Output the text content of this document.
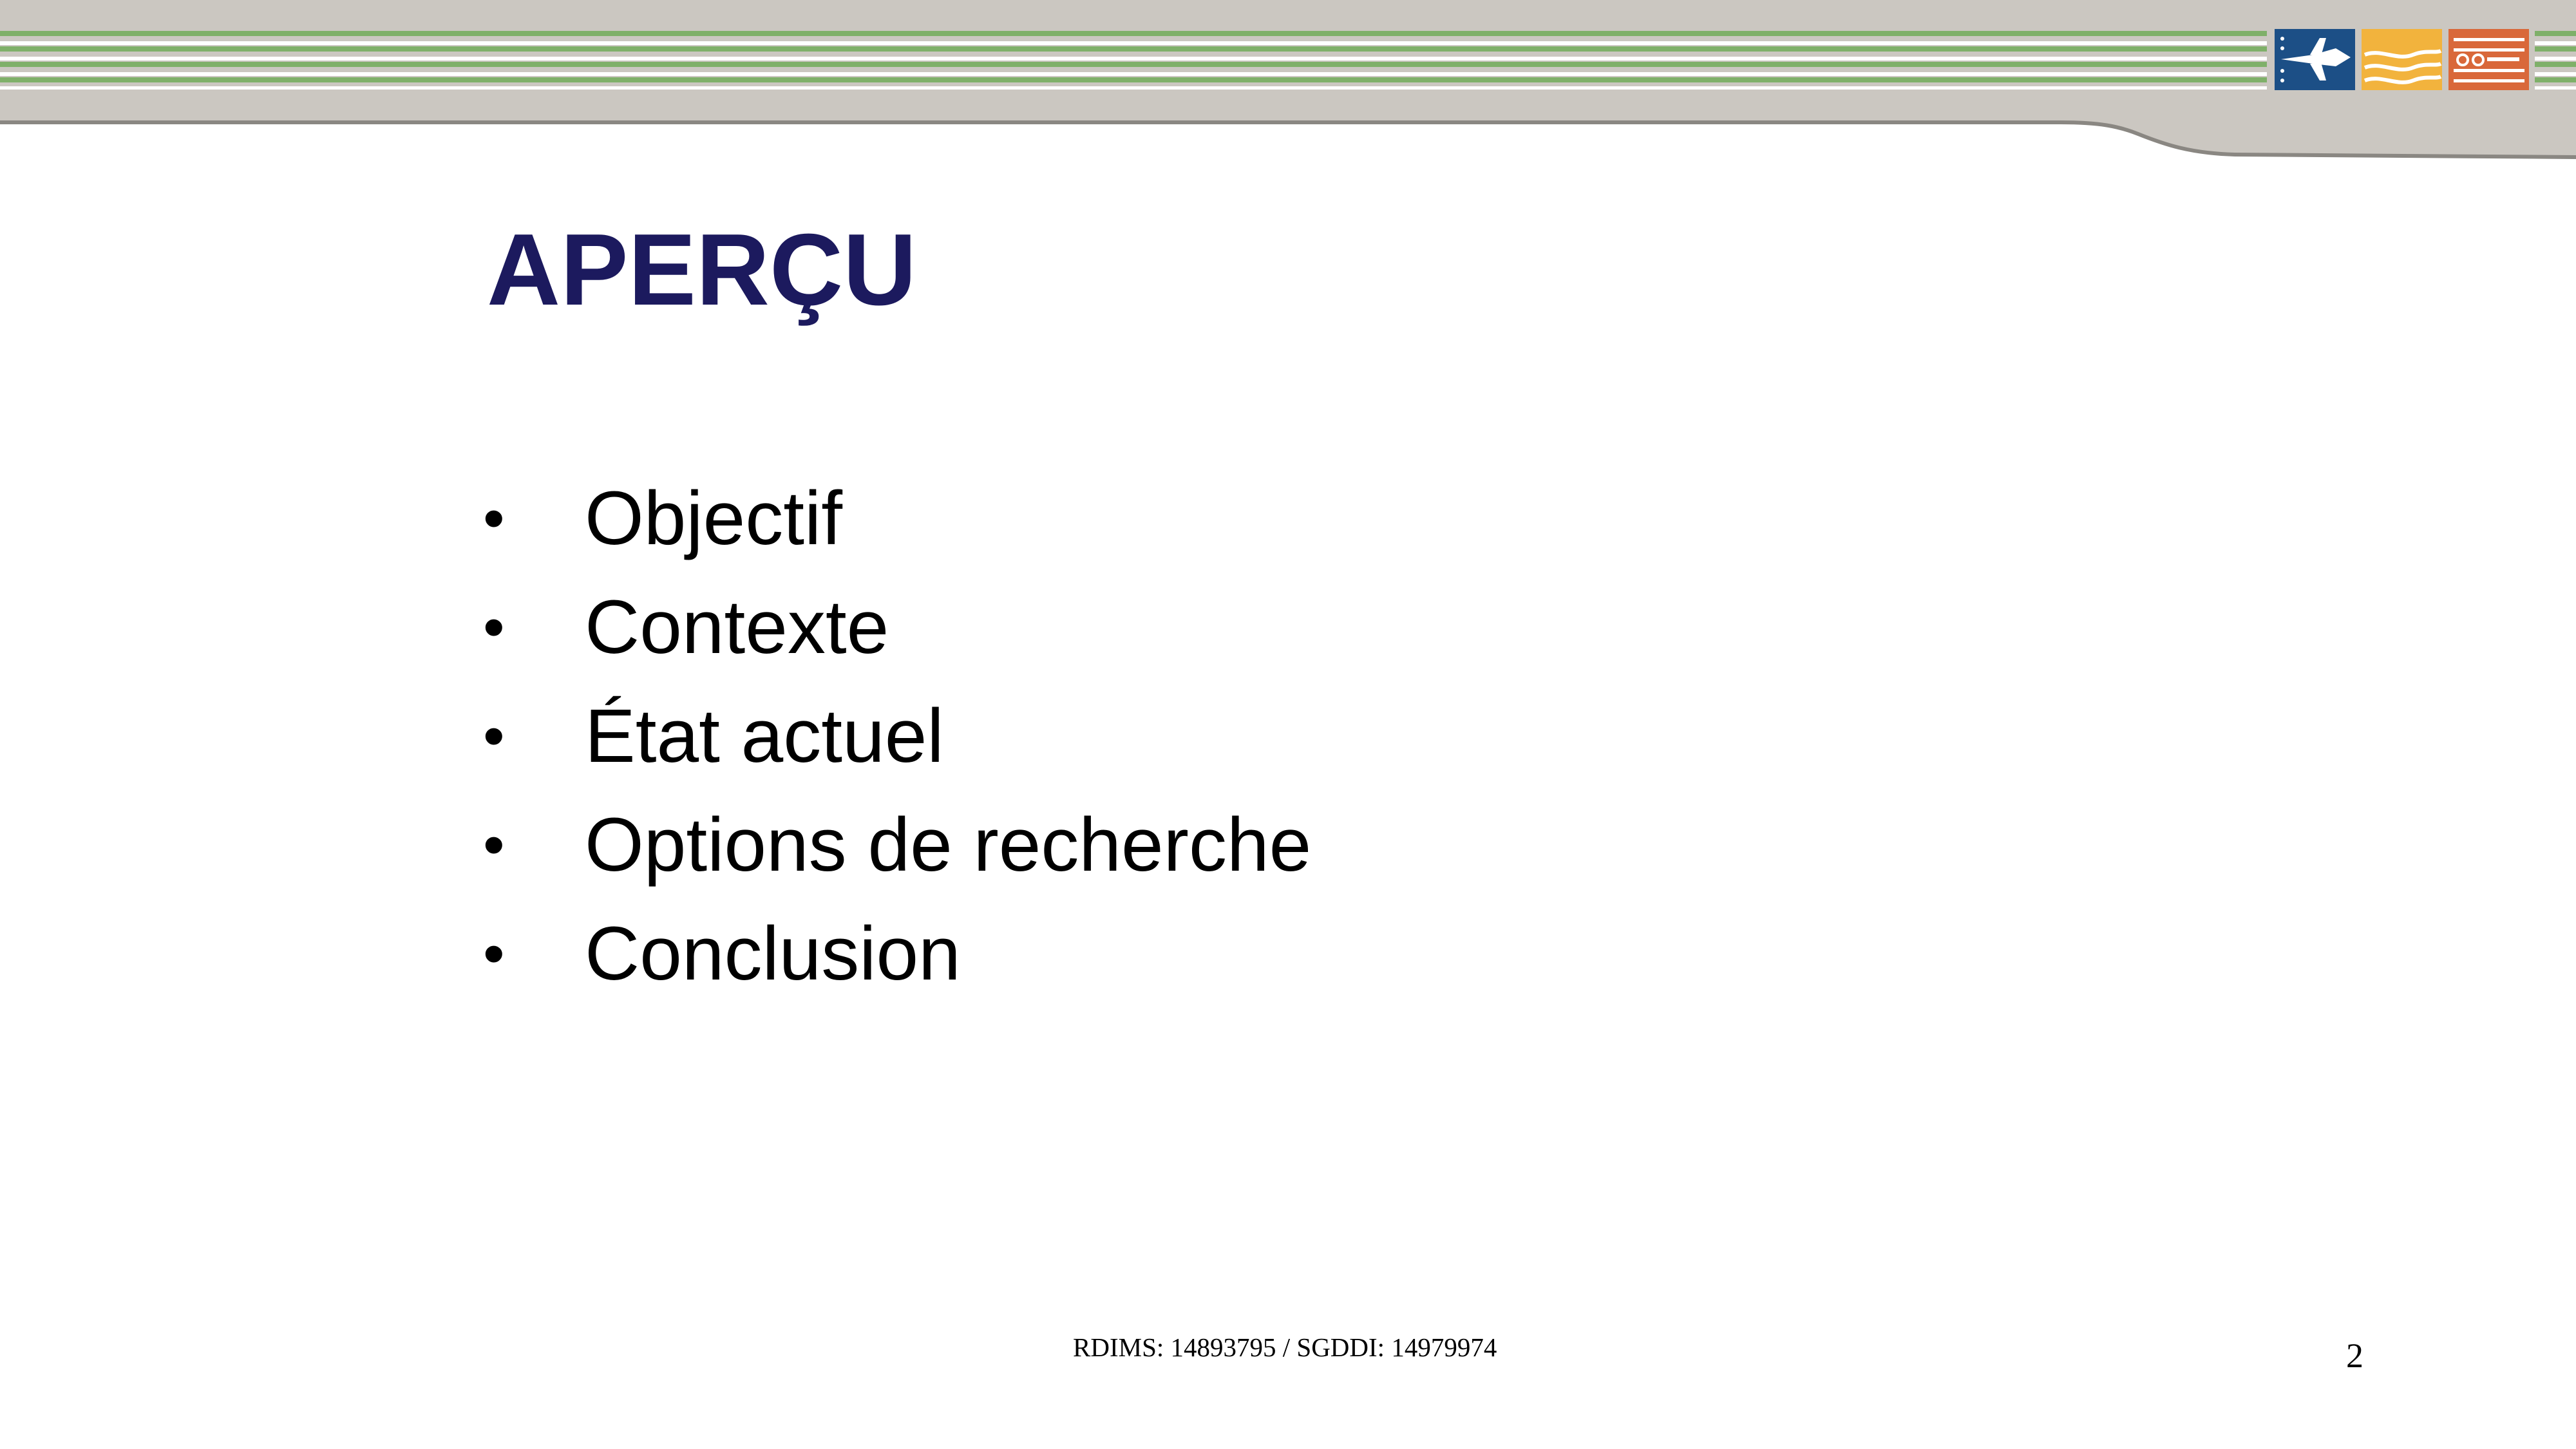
APERÇU
•	Objectif
•	Contexte
•	État actuel
•	Options de recherche
•	Conclusion
RDIMS: 14893795 / SGDDI: 14979974	2
